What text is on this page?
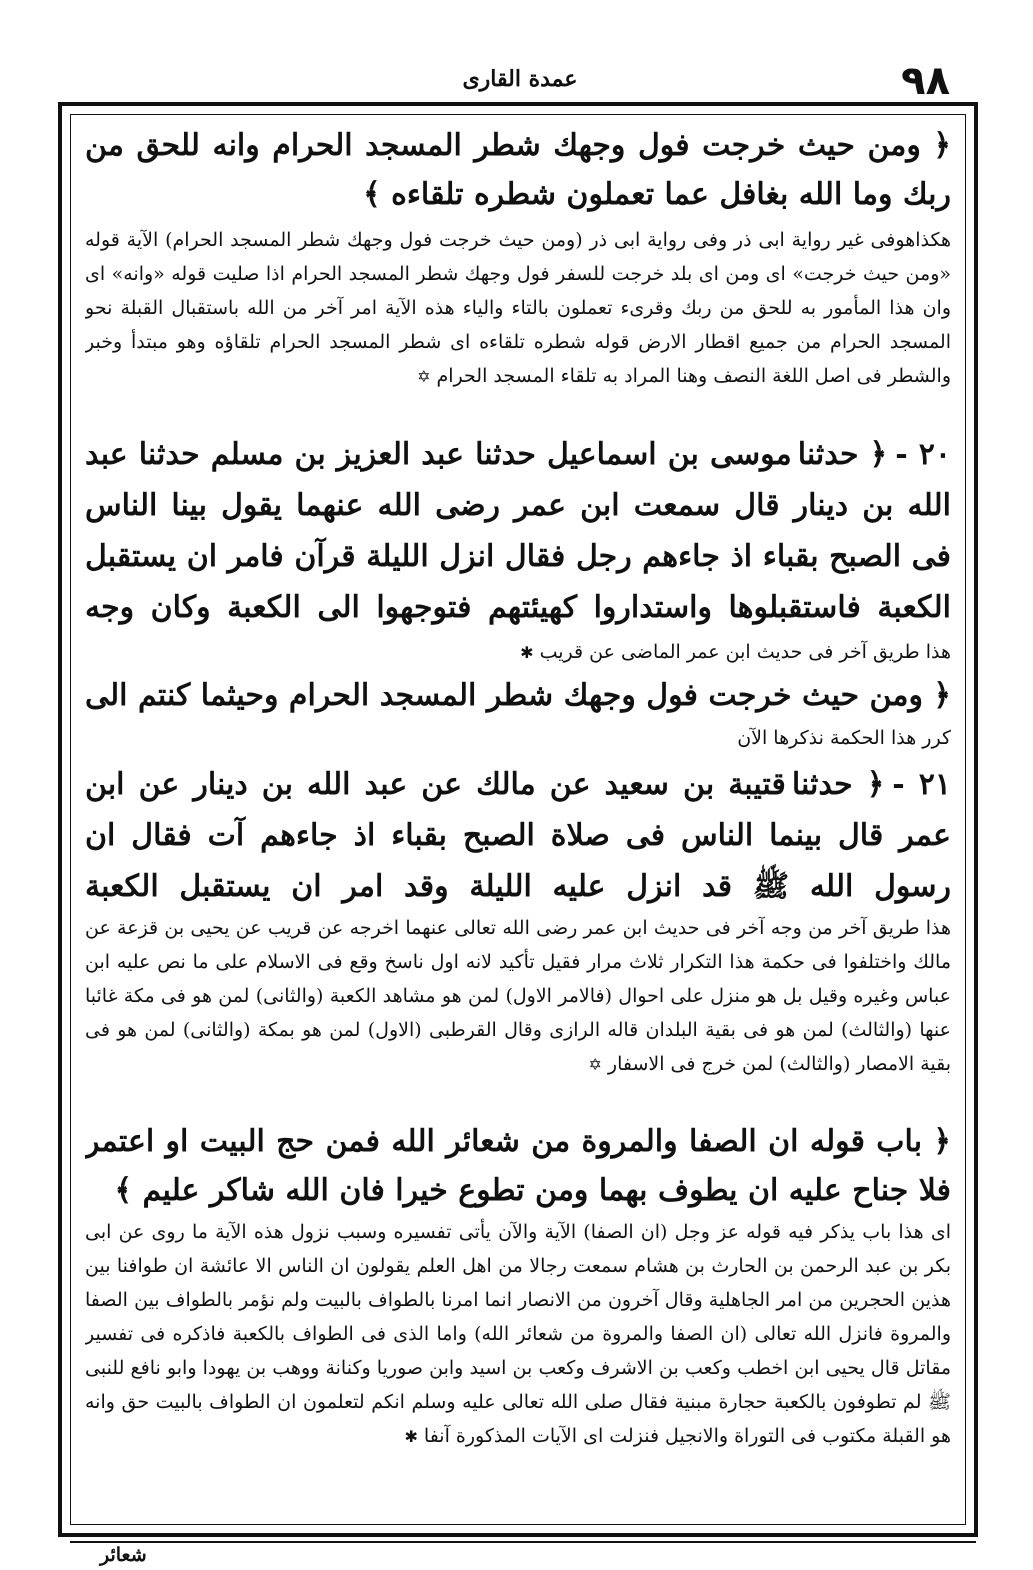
٩٨
عمدة القارى

﴿ ومن حيث خرجت فول وجهك شطر المسجد الحرام وانه للحق من ربك وما الله بغافل عما تعملون شطره تلقاءه ﴾

هكذاهوفى غير رواية ابى ذر وفى رواية ابى ذر (ومن حيث خرجت فول وجهك شطر المسجد الحرام) الآية قوله «ومن حيث خرجت» اى ومن اى بلد خرجت للسفر فول وجهك شطر المسجد الحرام اذا صليت قوله «وانه» اى وان هذا المأمور به للحق من ربك وقرىء تعملون بالتاء والياء هذه الآية امر آخر من الله باستقبال القبلة نحو المسجد الحرام من جميع اقطار الارض قوله شطره تلقاءه اى شطر المسجد الحرام تلقاؤه وهو مبتدأ وخبر والشطر فى اصل اللغة النصف وهنا المراد به تلقاء المسجد الحرام✡

٢٠ -﴿ حدثناموسى بن اسماعيل حدثنا عبد العزيز بن مسلم حدثنا عبد الله بن دينار قال سمعت ابن عمر رضى الله عنهما يقول بينا الناس فى الصبح بقباء اذ جاءهم رجل فقال انزل الليلة قرآن فامر ان يستقبل الكعبة فاستقبلوها واستداروا كهيئتهم فتوجهوا الى الكعبة وكان وجه

هذا طريق آخر فى حديث ابن عمر الماضى عن قريب✱

﴿ ومن حيث خرجت فول وجهك شطر المسجد الحرام وحيثما كنتم الى

كرر هذا الحكمة نذكرها الآن

٢١ -﴿ حدثناقتيبة بن سعيد عن مالك عن عبد الله بن دينار عن ابن عمر قال بينما الناس فى صلاة الصبح بقباء اذ جاءهم آت فقال ان رسول الله ﷺ قد انزل عليه الليلة وقد امر ان يستقبل الكعبة

هذا طريق آخر من وجه آخر فى حديث ابن عمر رضى الله تعالى عنهما اخرجه عن قريب عن يحيى بن قزعة عن مالك واختلفوا فى حكمة هذا التكرار ثلاث مرار فقيل تأكيد لانه اول ناسخ وقع فى الاسلام على ما نص عليه ابن عباس وغيره وقيل بل هو منزل على احوال (فالامر الاول) لمن هو مشاهد الكعبة (والثانى) لمن هو فى مكة غائبا عنها (والثالث) لمن هو فى بقية البلدان قاله الرازى وقال القرطبى (الاول) لمن هو بمكة (والثانى) لمن هو فى بقية الامصار (والثالث) لمن خرج فى الاسفار✡

﴿ باب قوله ان الصفا والمروة من شعائر الله فمن حج البيت او اعتمر فلا جناح عليه ان يطوف بهما ومن تطوع خيرا فان الله شاكر عليم ﴾

اى هذا باب يذكر فيه قوله عز وجل (ان الصفا) الآية والآن يأتى تفسيره وسبب نزول هذه الآية ما روى عن ابى بكر بن عبد الرحمن بن الحارث بن هشام سمعت رجالا من اهل العلم يقولون ان الناس الا عائشة ان طوافنا بين هذين الحجرين من امر الجاهلية وقال آخرون من الانصار انما امرنا بالطواف بالبيت ولم نؤمر بالطواف بين الصفا والمروة فانزل الله تعالى (ان الصفا والمروة من شعائر الله) واما الذى فى الطواف بالكعبة فاذكره فى تفسير مقاتل قال يحيى ابن اخطب وكعب بن الاشرف وكعب بن اسيد وابن صوريا وكنانة ووهب بن يهودا وابو نافع للنبى ﷺ لم تطوفون بالكعبة حجارة مبنية فقال صلى الله تعالى عليه وسلم انكم لتعلمون ان الطواف بالبيت حق وانه هو القبلة مكتوب فى التوراة والانجيل فنزلت اى الآيات المذكورة آنفا✱

شعائر
